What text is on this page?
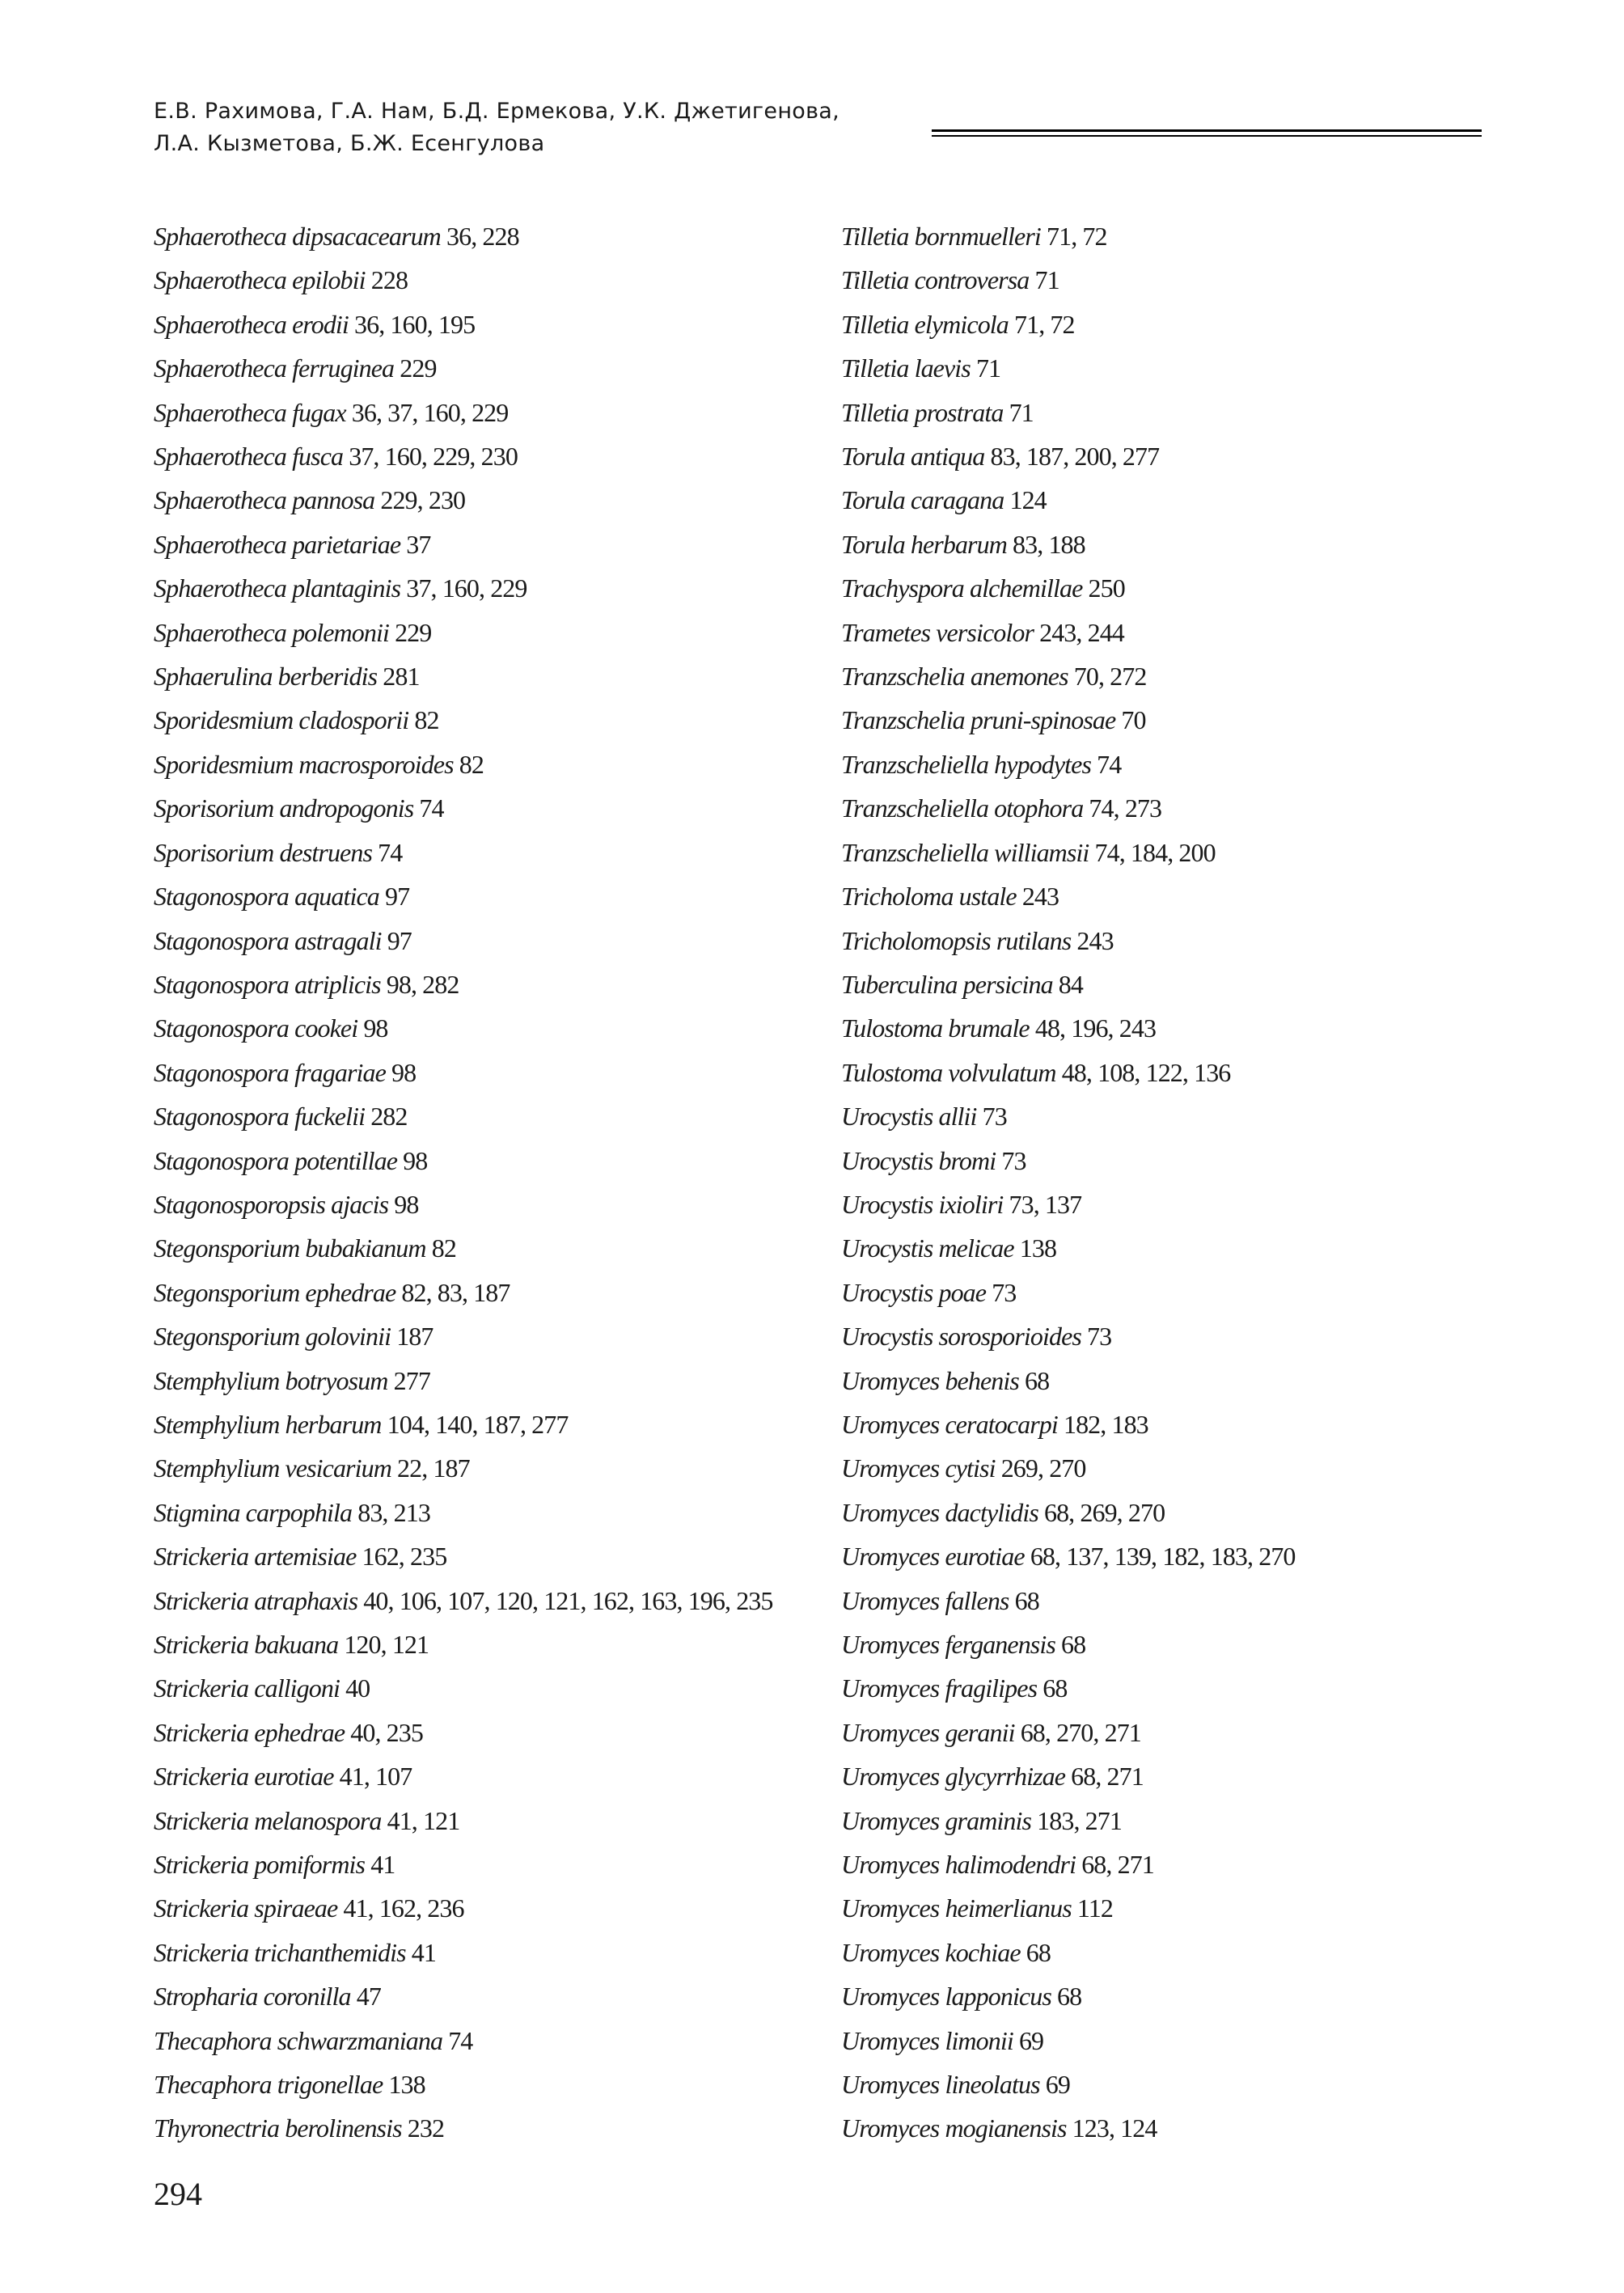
Е.В. Рахимова, Г.А. Нам, Б.Д. Ермекова, У.К. Джетигенова,
Л.А. Кызметова, Б.Ж. Есенгулова
Sphaerotheca dipsacacearum 36, 228
Sphaerotheca epilobii 228
Sphaerotheca erodii 36, 160, 195
Sphaerotheca ferruginea 229
Sphaerotheca fugax 36, 37, 160, 229
Sphaerotheca fusca 37, 160, 229, 230
Sphaerotheca pannosa 229, 230
Sphaerotheca parietariae 37
Sphaerotheca plantaginis 37, 160, 229
Sphaerotheca polemonii 229
Sphaerulina berberidis 281
Sporidesmium cladosporii 82
Sporidesmium macrosporoides 82
Sporisorium andropogonis 74
Sporisorium destruens 74
Stagonospora aquatica 97
Stagonospora astragali 97
Stagonospora atriplicis 98, 282
Stagonospora cookei 98
Stagonospora fragariae 98
Stagonospora fuckelii 282
Stagonospora potentillae 98
Stagonosporopsis ajacis 98
Stegonsporium bubakianum 82
Stegonsporium ephedrae 82, 83, 187
Stegonsporium golovinii 187
Stemphylium botryosum 277
Stemphylium herbarum 104, 140, 187, 277
Stemphylium vesicarium 22, 187
Stigmina carpophila 83, 213
Strickeria artemisiae 162, 235
Strickeria atraphaxis 40, 106, 107, 120, 121, 162, 163, 196, 235
Strickeria bakuana 120, 121
Strickeria calligoni 40
Strickeria ephedrae 40, 235
Strickeria eurotiae 41, 107
Strickeria melanospora 41, 121
Strickeria pomiformis 41
Strickeria spiraeae 41, 162, 236
Strickeria trichanthemidis 41
Stropharia coronilla 47
Thecaphora schwarzmaniana 74
Thecaphora trigonellae 138
Thyronectria berolinensis 232
Tilletia bornmuelleri 71, 72
Tilletia controversa 71
Tilletia elymicola 71, 72
Tilletia laevis 71
Tilletia prostrata 71
Torula antiqua 83, 187, 200, 277
Torula caragana 124
Torula herbarum 83, 188
Trachyspora alchemillae 250
Trametes versicolor 243, 244
Tranzschelia anemones 70, 272
Tranzschelia pruni-spinosae 70
Tranzscheliella hypodytes 74
Tranzscheliella otophora 74, 273
Tranzscheliella williamsii 74, 184, 200
Tricholoma ustale 243
Tricholomopsis rutilans 243
Tuberculina persicina 84
Tulostoma brumale 48, 196, 243
Tulostoma volvulatum 48, 108, 122, 136
Urocystis allii 73
Urocystis bromi 73
Urocystis ixioliri 73, 137
Urocystis melicae 138
Urocystis poae 73
Urocystis sorosporioides 73
Uromyces behenis 68
Uromyces ceratocarpi 182, 183
Uromyces cytisi 269, 270
Uromyces dactylidis 68, 269, 270
Uromyces eurotiae 68, 137, 139, 182, 183, 270
Uromyces fallens 68
Uromyces ferganensis 68
Uromyces fragilipes 68
Uromyces geranii 68, 270, 271
Uromyces glycyrrhizae 68, 271
Uromyces graminis 183, 271
Uromyces halimodendri 68, 271
Uromyces heimerlianus 112
Uromyces kochiae 68
Uromyces lapponicus 68
Uromyces limonii 69
Uromyces lineolatus 69
Uromyces mogianensis 123, 124
294
